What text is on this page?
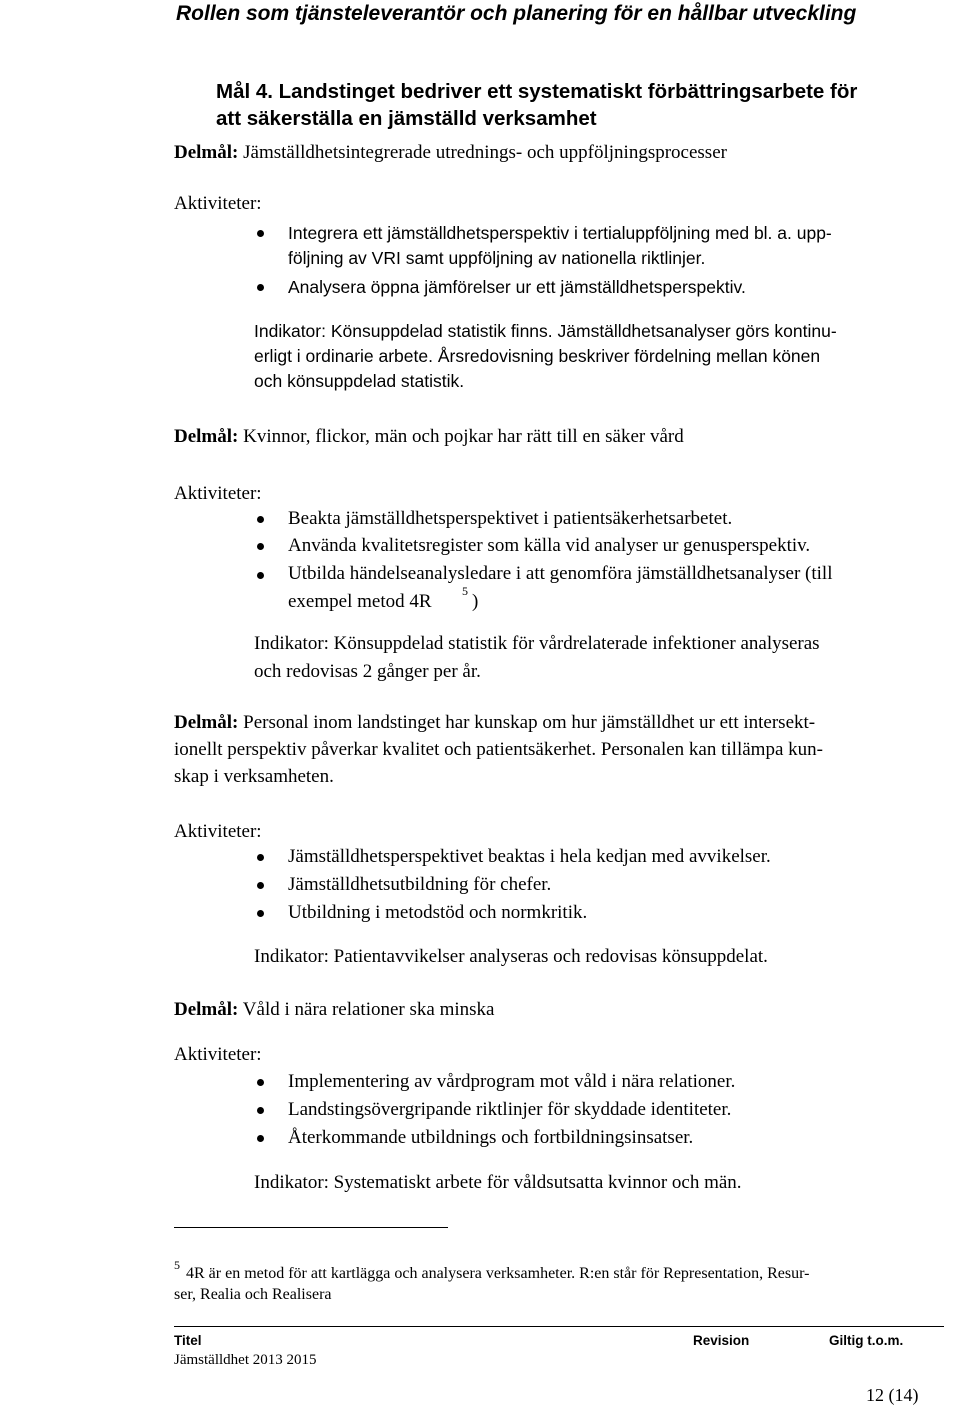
Rollen som tjänsteleverantör och planering för en hållbar utveckling
Mål 4. Landstinget bedriver ett systematiskt förbättringsarbete för
att säkerställa en jämställd verksamhet
Delmål: Jämställdhetsintegrerade utrednings- och uppföljningsprocesser
Aktiviteter:
Integrera ett jämställdhetsperspektiv i tertialuppföljning med bl. a. upp-
följning av VRI samt uppföljning av nationella riktlinjer.
Analysera öppna jämförelser ur ett jämställdhetsperspektiv.
Indikator: Könsuppdelad statistik finns. Jämställdhetsanalyser görs kontinu-
erligt i ordinarie arbete. Årsredovisning beskriver fördelning mellan könen
och könsuppdelad statistik.
Delmål: Kvinnor, flickor, män och pojkar har rätt till en säker vård
Aktiviteter:
Beakta jämställdhetsperspektivet i patientsäkerhetsarbetet.
Använda kvalitetsregister som källa vid analyser ur genusperspektiv.
Utbilda händelseanalysledare i att genomföra jämställdhetsanalyser (till
exempel metod 4R	5 )
Indikator: Könsuppdelad statistik för vårdrelaterade infektioner analyseras
och redovisas 2 gånger per år.
Delmål: Personal inom landstinget har kunskap om hur jämställdhet ur ett intersekt-
ionellt perspektiv påverkar kvalitet och patientsäkerhet. Personalen kan tillämpa kun-
skap i verksamheten.
Aktiviteter:
Jämställdhetsperspektivet beaktas i hela kedjan med avvikelser.
Jämställdhetsutbildning för chefer.
Utbildning i metodstöd och normkritik.
Indikator: Patientavvikelser analyseras och redovisas könsuppdelat.
Delmål: Våld i nära relationer ska minska
Aktiviteter:
Implementering av vårdprogram mot våld i nära relationer.
Landstingsövergripande riktlinjer för skyddade identiteter.
Återkommande utbildnings och fortbildningsinsatser.
Indikator: Systematiskt arbete för våldsutsatta kvinnor och män.
5 4R är en metod för att kartlägga och analysera verksamheter. R:en står för Representation, Resur-
ser, Realia och Realisera
Titel
Jämställdhet 2013 2015
Revision	Giltig t.o.m.
12 (14)
